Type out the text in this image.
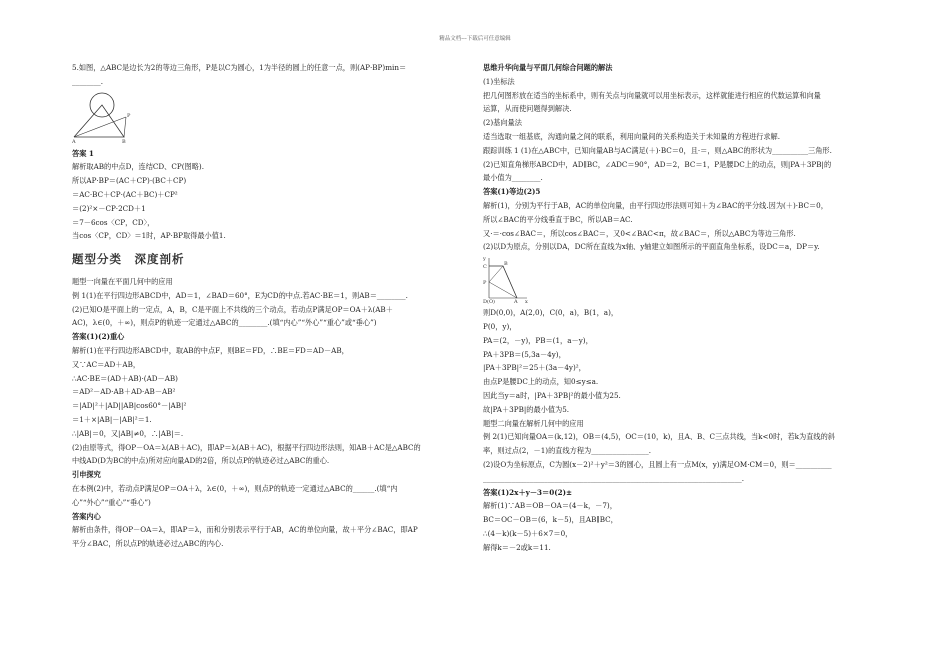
精品文档---下载后可任意编辑
5.如图，△ABC是边长为2的等边三角形，P是以C为圆心，1为半径的圆上的任意一点，则(AP·BP)min＝
________.
A	B
P
答案 1
解析取AB的中点D，连结CD、CP(图略).
所以AP·BP＝(AC＋CP)·(BC＋CP)
＝AC·BC＋CP·(AC＋BC)＋CP²
＝(2)²×－CP·2CD＋1
＝7－6cos〈CP，CD〉，
当cos〈CP，CD〉＝1时，AP·BP取得最小值1.
题型分类　深度剖析
题型一向量在平面几何中的应用
例 1(1)在平行四边形ABCD中，AD＝1，∠BAD＝60°，E为CD的中点.若AC·BE＝1，则AB＝________.
(2)已知O是平面上的一定点，A，B，C是平面上不共线的三个动点，若动点P满足OP＝OA＋λ(AB＋
AC)，λ∈(0，＋∞)，则点P的轨迹一定通过△ABC的________.(填“内心”“外心”“重心”或“垂心”)
答案(1)(2)重心
解析(1)在平行四边形ABCD中，取AB的中点F，则BE＝FD，∴BE＝FD＝AD－AB，
又∵AC＝AD＋AB，
∴AC·BE＝(AD＋AB)·(AD－AB)
＝AD²－AD·AB＋AD·AB－AB²
＝|AD|²＋|AD||AB|cos60°－|AB|²
＝1＋×|AB|－|AB|²＝1.
∴|AB|＝0，又|AB|≠0，∴|AB|＝.
(2)由原等式，得OP－OA＝λ(AB＋AC)，即AP＝λ(AB＋AC)，根据平行四边形法则，知AB＋AC是△ABC的
中线AD(D为BC的中点)所对应向量AD的2倍，所以点P的轨迹必过△ABC的重心.
引申探究
在本例(2)中，若动点P满足OP＝OA＋λ，λ∈(0，＋∞)，则点P的轨迹一定通过△ABC的______.(填“内
心”“外心”“重心”“垂心”)
答案内心
解析由条件，得OP－OA＝λ，即AP＝λ，而和分别表示平行于AB，AC的单位向量，故＋平分∠BAC，即AP
平分∠BAC，所以点P的轨迹必过△ABC的内心.
思维升华向量与平面几何综合问题的解法
(1)坐标法
把几何图形放在适当的坐标系中，则有关点与向量就可以用坐标表示，这样就能进行相应的代数运算和向量
运算，从而使问题得到解决.
(2)基向量法
适当选取一组基底，沟通向量之间的联系，利用向量间的关系构造关于未知量的方程进行求解.
跟踪训练 1 (1)在△ABC中，已知向量AB与AC满足(＋)·BC＝0，且·＝，则△ABC的形状为__________三角形.
(2)已知直角梯形ABCD中，AD∥BC，∠ADC＝90°，AD＝2，BC＝1，P是腰DC上的动点，则|PA＋3PB|的
最小值为________.
答案(1)等边(2)5
解析(1)，分别为平行于AB，AC的单位向量，由平行四边形法则可知＋为∠BAC的平分线.因为(＋)·BC＝0，
所以∠BAC的平分线垂直于BC，所以AB＝AC.
又·＝·cos∠BAC＝，所以cos∠BAC＝，又0<∠BAC<π，故∠BAC＝，所以△ABC为等边三角形.
(2)以D为原点，分别以DA，DC所在直线为x轴、y轴建立如图所示的平面直角坐标系，设DC＝a，DP＝y.
y
C	B
P
D(O)	A x
则D(0,0)，A(2,0)，C(0，a)，B(1，a)，
P(0，y)，
PA＝(2，－y)，PB＝(1，a－y)，
PA＋3PB＝(5,3a－4y)，
|PA＋3PB|²＝25＋(3a－4y)²，
由点P是腰DC上的动点，知0≤y≤a.
因此当y＝a时，|PA＋3PB|²的最小值为25.
故|PA＋3PB|的最小值为5.
题型二向量在解析几何中的应用
例 2(1)已知向量OA＝(k,12)，OB＝(4,5)，OC＝(10，k)，且A、B、C三点共线，当k<0时，若k为直线的斜
率，则过点(2，－1)的直线方程为________________.
(2)设O为坐标原点，C为圆(x－2)²＋y²＝3的圆心，且圆上有一点M(x，y)满足OM·CM＝0，则＝__________
________________________________________________________________________.
答案(1)2x＋y－3＝0(2)±
解析(1)∵AB＝OB－OA＝(4－k，－7)，
BC＝OC－OB＝(6，k－5)，且AB∥BC，
∴(4－k)(k－5)＋6×7＝0，
解得k＝－2或k＝11.
